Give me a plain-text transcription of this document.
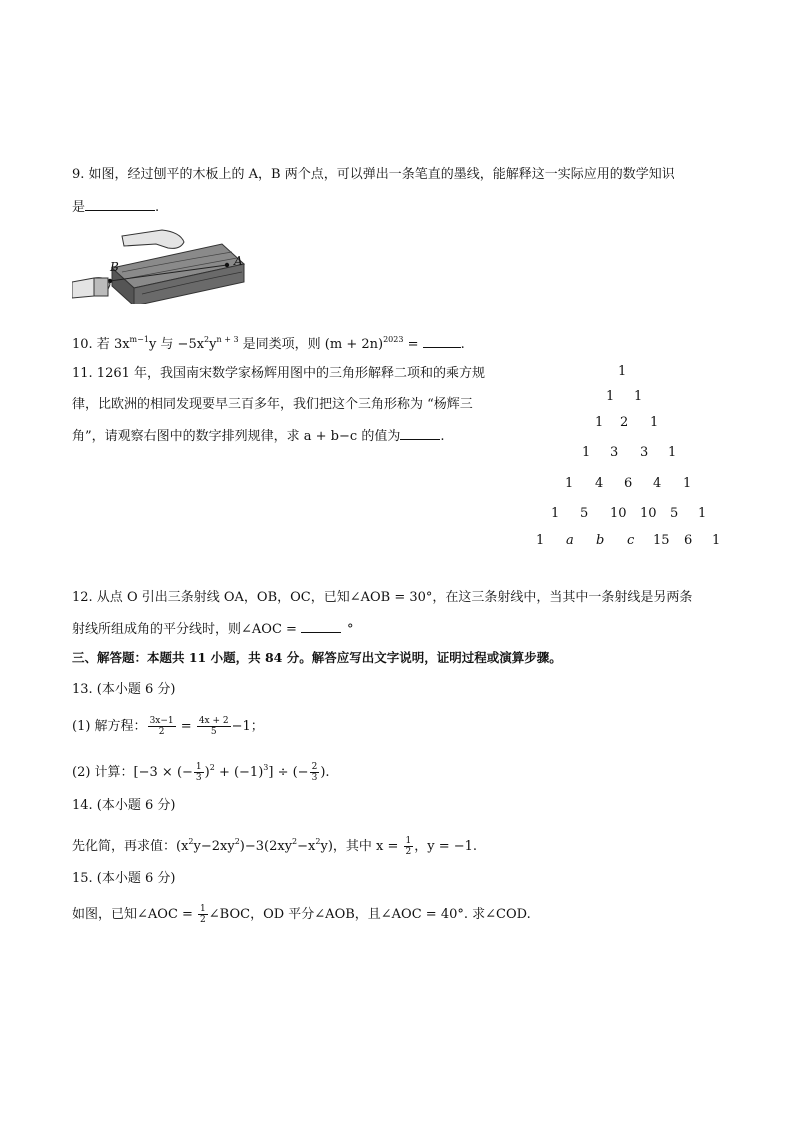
9. 如图，经过刨平的木板上的 A，B 两个点，可以弹出一条笔直的墨线，能解释这一实际应用的数学知识
是	.
B	A
10. 若 $3x^{m-1}y$ 与 $-5x^2y^{n + 3}$ 是同类项，则 $(m + 2n)^{2023}$ =	.
11. 1261 年，我国南宋数学家杨辉用图中的三角形解释二项和的乘方规
律，比欧洲的相同发现要早三百多年，我们把这个三角形称为 “杨辉三
角”，请观察右图中的数字排列规律，求 a + b−c 的值为	.
1
1 1
1 2 1
1 3 3 1
1 4 6 4 1
1 5 10 10 5 1
1 a b c 15 6 1
12. 从点 O 引出三条射线 OA，OB，OC，已知∠AOB = 30°，在这三条射线中，当其中一条射线是另两条
射线所组成角的平分线时，则∠AOC =	°
三、解答题：本题共 11 小题，共 84 分。解答应写出文字说明，证明过程或演算步骤。
13. (本小题 6 分)
(1) 解方程： $\frac{3x-1}{2} = \frac{4x + 2}{5} -1$；
(2) 计算：[−3 × (− $\frac{1}{3} )^2 + (-1)^3$] ÷ (− $\frac{2}{3}$ ).
14. (本小题 6 分)
先化简，再求值：$(x^2y-2xy^2)-3(2xy^2-x^2y)$，其中 $x = \frac{1}{2}$ ，y = −1.
15. (本小题 6 分)
如图，已知∠AOC = $\frac{1}{2}$ ∠BOC，OD 平分∠AOB，且∠AOC = 40°. 求∠COD.
